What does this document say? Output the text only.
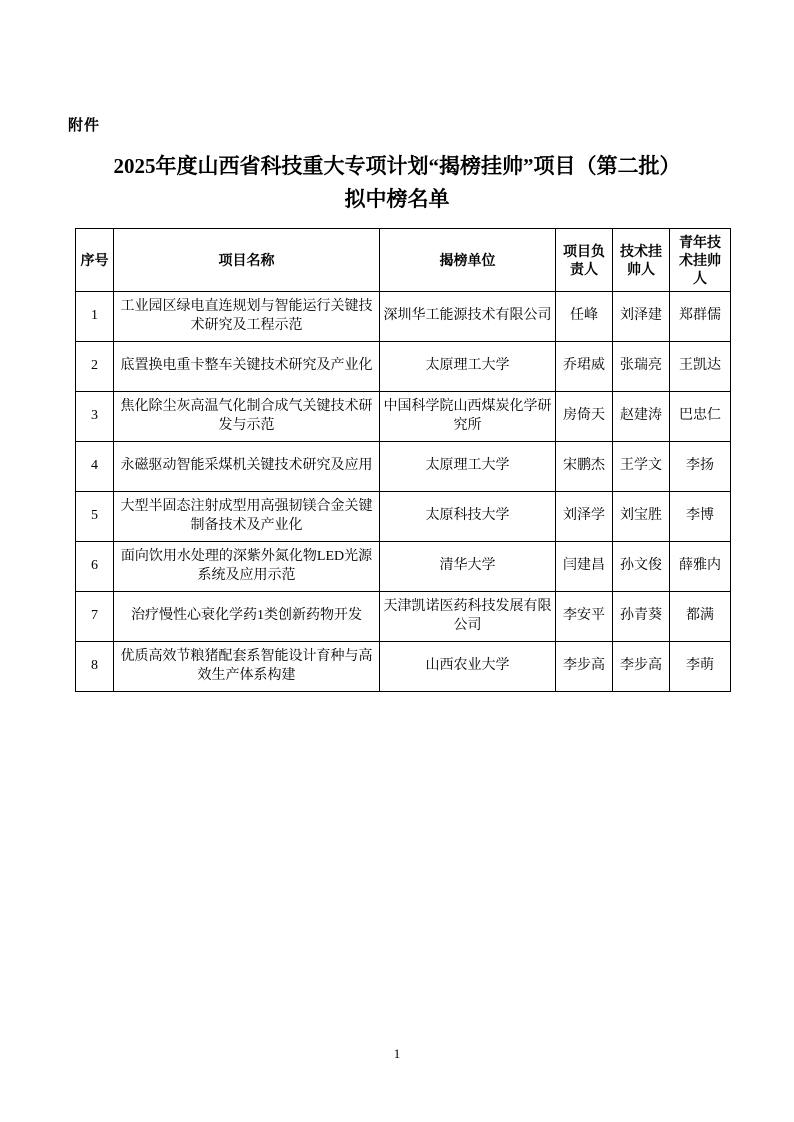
附件
2025年度山西省科技重大专项计划“揭榜挂帅”项目（第二批）
拟中榜名单
序号	项目名称	揭榜单位	项目负责人	技术挂帅人	青年技术挂帅人
1	工业园区绿电直连规划与智能运行关键技术研究及工程示范	深圳华工能源技术有限公司	任峰	刘泽建	郑群儒
2	底置换电重卡整车关键技术研究及产业化	太原理工大学	乔珺威	张瑞亮	王凯达
3	焦化除尘灰高温气化制合成气关键技术研发与示范	中国科学院山西煤炭化学研究所	房倚天	赵建涛	巴忠仁
4	永磁驱动智能采煤机关键技术研究及应用	太原理工大学	宋鹏杰	王学文	李扬
5	大型半固态注射成型用高强韧镁合金关键制备技术及产业化	太原科技大学	刘泽学	刘宝胜	李博
6	面向饮用水处理的深紫外氮化物LED光源系统及应用示范	清华大学	闫建昌	孙文俊	薛雅内
7	治疗慢性心衰化学药1类创新药物开发	天津凯诺医药科技发展有限公司	李安平	孙青葵	都满
8	优质高效节粮猪配套系智能设计育种与高效生产体系构建	山西农业大学	李步高	李步高	李萌
1
